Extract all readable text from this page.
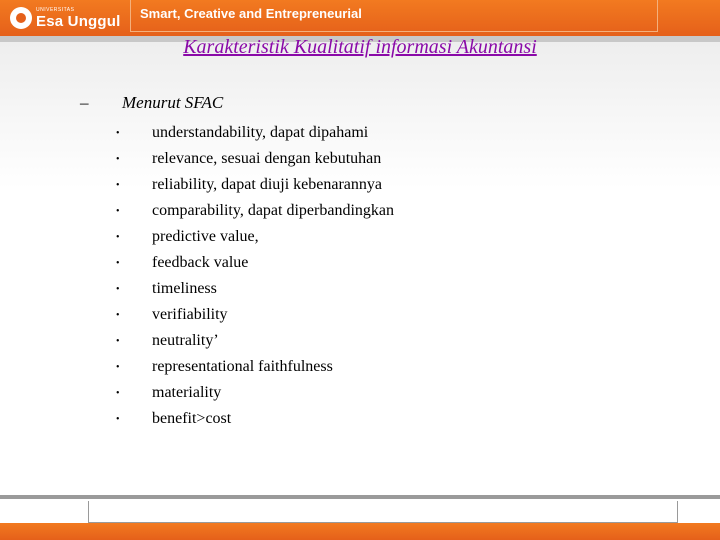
UNIVERSITAS
Esa Unggul Smart, Creative and Entrepreneurial
Karakteristik Kualitatif informasi Akuntansi
– Menurut SFAC
•	understandability, dapat dipahami
•	relevance, sesuai dengan kebutuhan
•	reliability, dapat diuji kebenarannya
•	comparability, dapat diperbandingkan
•	predictive value,
•	feedback value
•	timeliness
•	verifiability
•	neutrality’
•	representational faithfulness
•	materiality
•	benefit>cost
